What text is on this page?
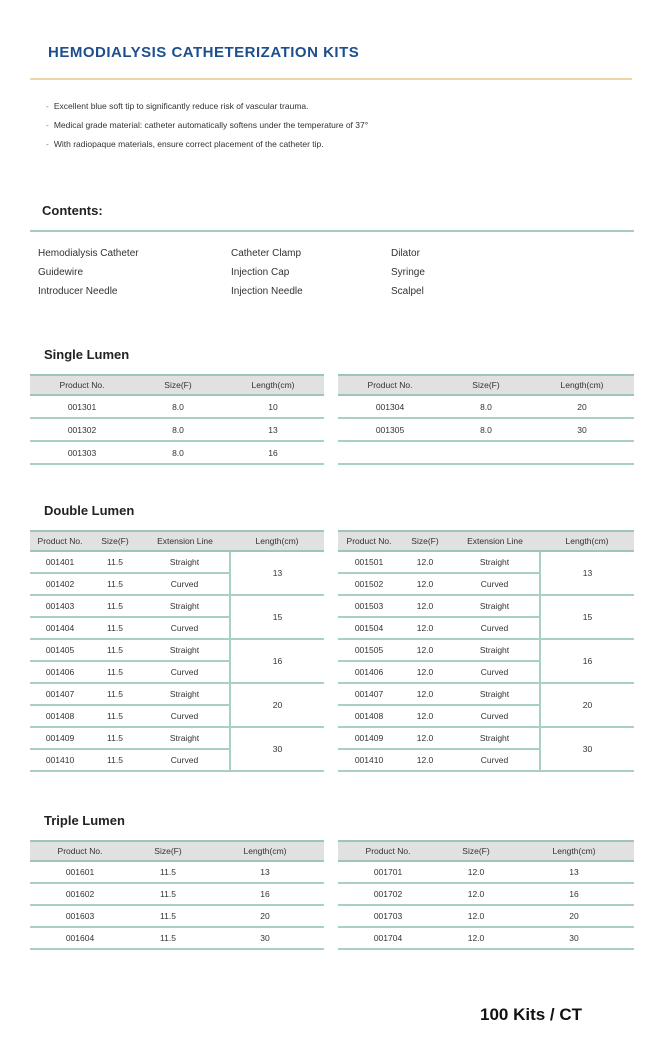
HEMODIALYSIS CATHETERIZATION KITS
- Excellent blue soft tip to significantly reduce risk of vascular trauma.
- Medical grade material: catheter automatically softens under the temperature of 37°
- With radiopaque materials, ensure correct placement of the catheter tip.
Contents:
Hemodialysis Catheter	Catheter Clamp	Dilator
Guidewire	Injection Cap	Syringe
Introducer Needle	Injection Needle	Scalpel
Single Lumen
Product No.	Size(F)	Length(cm)
001301	8.0	10
001302	8.0	13
001303	8.0	16
Product No.	Size(F)	Length(cm)
001304	8.0	20
001305	8.0	30

Double Lumen
Product No.	Size(F)	Extension Line	Length(cm)
001401	11.5	Straight	13
001402	11.5	Curved	
001403	11.5	Straight	15
001404	11.5	Curved	
001405	11.5	Straight	16
001406	11.5	Curved	
001407	11.5	Straight	20
001408	11.5	Curved	
001409	11.5	Straight	30
001410	11.5	Curved	
Product No.	Size(F)	Extension Line	Length(cm)
001501	12.0	Straight	13
001502	12.0	Curved	
001503	12.0	Straight	15
001504	12.0	Curved	
001505	12.0	Straight	16
001406	12.0	Curved	
001407	12.0	Straight	20
001408	12.0	Curved	
001409	12.0	Straight	30
001410	12.0	Curved	
Triple Lumen
Product No.	Size(F)	Length(cm)
001601	11.5	13
001602	11.5	16
001603	11.5	20
001604	11.5	30
Product No.	Size(F)	Length(cm)
001701	12.0	13
001702	12.0	16
001703	12.0	20
001704	12.0	30
100 Kits / CT
